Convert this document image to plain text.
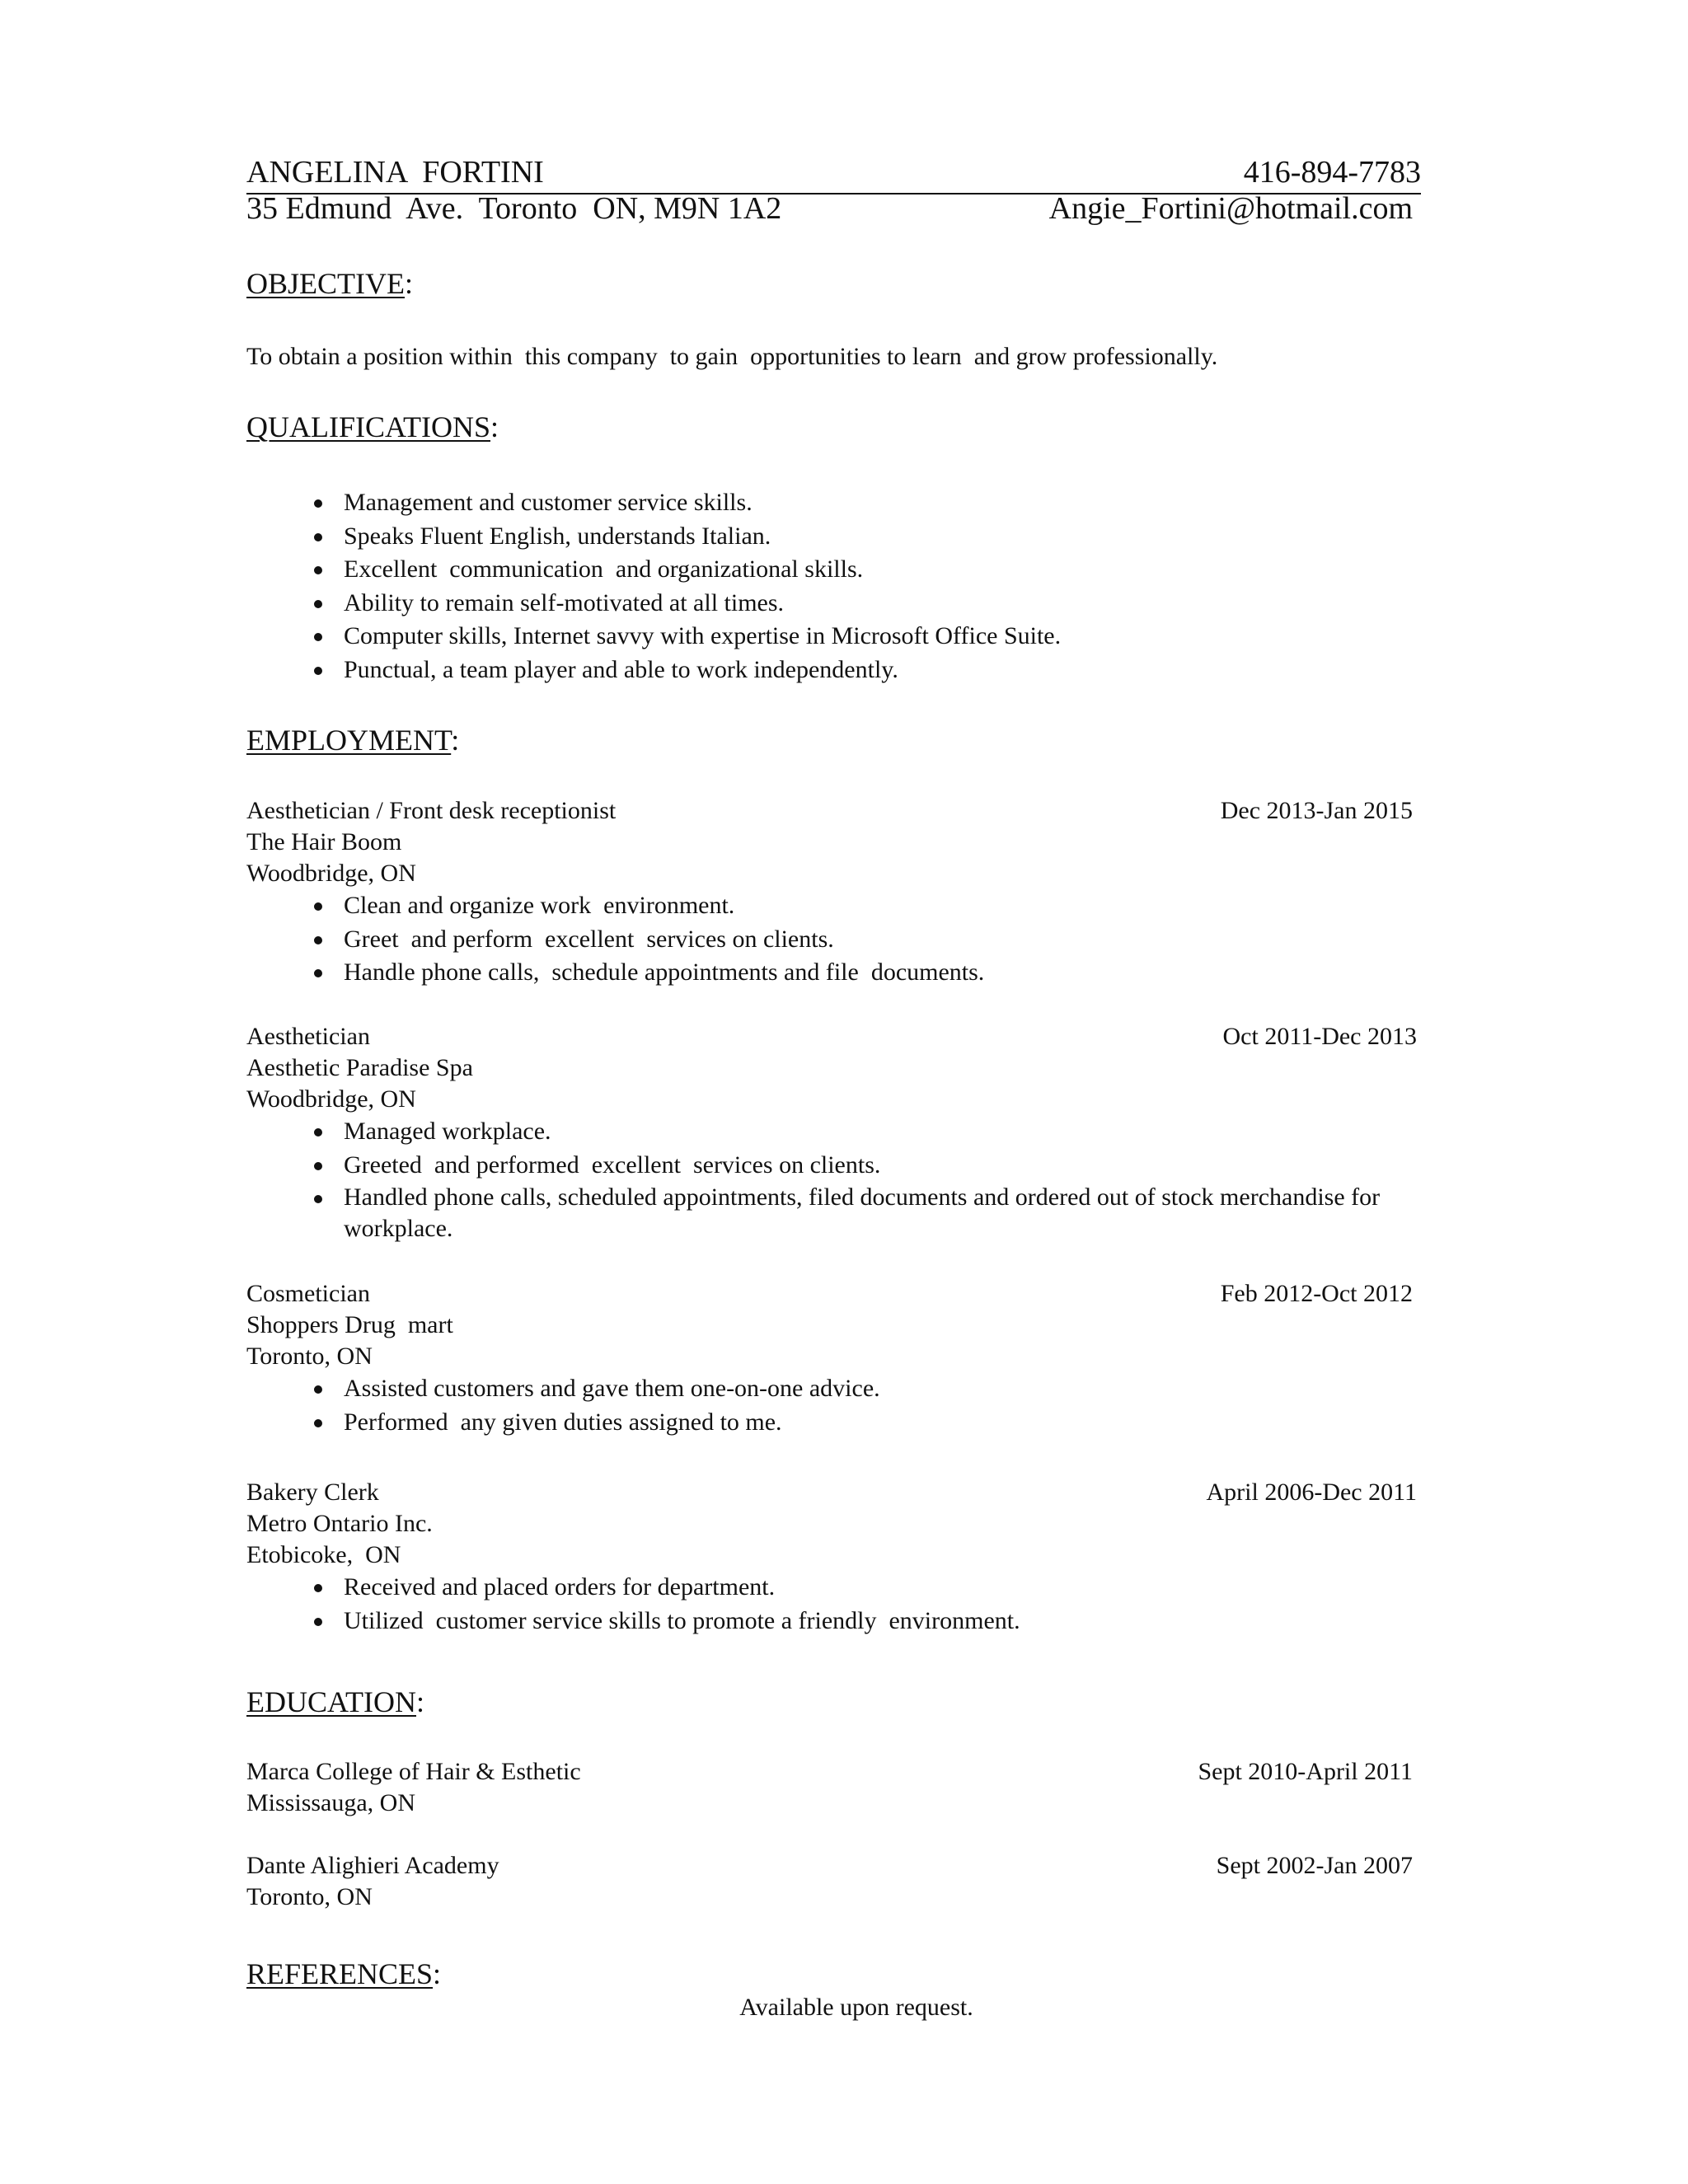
ANGELINA  FORTINI	416-894-7783
35 Edmund  Ave.  Toronto  ON, M9N 1A2	Angie_Fortini@hotmail.com
OBJECTIVE:
To obtain a position within  this company  to gain  opportunities to learn  and grow professionally.
QUALIFICATIONS:
Management and customer service skills.
Speaks Fluent English, understands Italian.
Excellent  communication  and organizational skills.
Ability to remain self-motivated at all times.
Computer skills, Internet savvy with expertise in Microsoft Office Suite.
Punctual, a team player and able to work independently.
EMPLOYMENT:
Aesthetician / Front desk receptionist	Dec 2013-Jan 2015
The Hair Boom
Woodbridge, ON
Clean and organize work  environment.
Greet  and perform  excellent  services on clients.
Handle phone calls,  schedule appointments and file  documents.
Aesthetician	Oct 2011-Dec 2013
Aesthetic Paradise Spa
Woodbridge, ON
Managed workplace.
Greeted  and performed  excellent  services on clients.
Handled phone calls, scheduled appointments, filed documents and ordered out of stock merchandise for workplace.
Cosmetician	Feb 2012-Oct 2012
Shoppers Drug  mart
Toronto, ON
Assisted customers and gave them one-on-one advice.
Performed  any given duties assigned to me.
Bakery Clerk	April 2006-Dec 2011
Metro Ontario Inc.
Etobicoke,  ON
Received and placed orders for department.
Utilized  customer service skills to promote a friendly  environment.
EDUCATION:
Marca College of Hair & Esthetic	Sept 2010-April 2011
Mississauga, ON
Dante Alighieri Academy	Sept 2002-Jan 2007
Toronto, ON
REFERENCES:
Available upon request.
